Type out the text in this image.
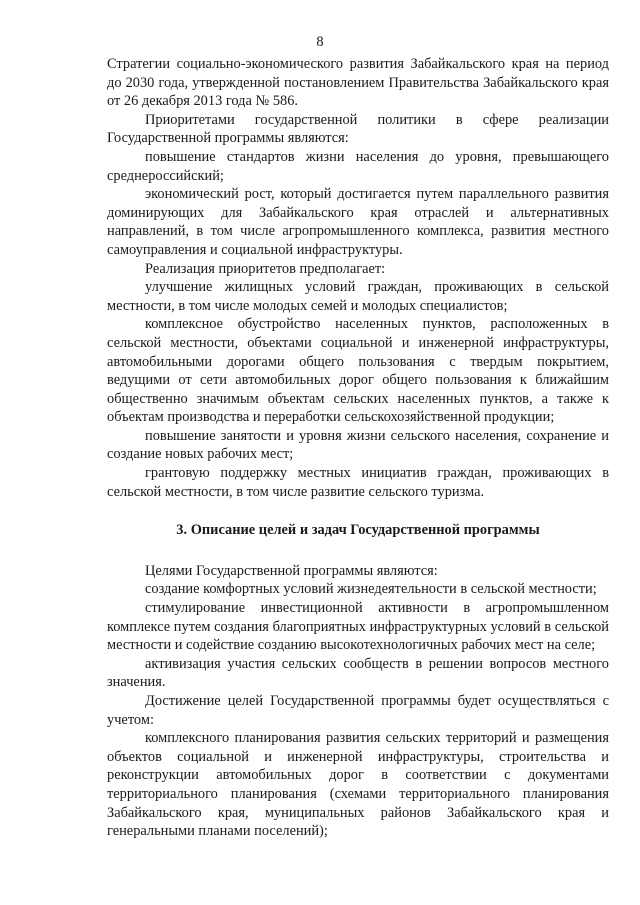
8

Стратегии социально-экономического развития Забайкальского края на период до 2030 года, утвержденной постановлением Правительства Забайкальского края от 26 декабря 2013 года № 586.

Приоритетами государственной политики в сфере реализации Государственной программы являются:

повышение стандартов жизни населения до уровня, превышающего среднероссийский;

экономический рост, который достигается путем параллельного развития доминирующих для Забайкальского края отраслей и альтернативных направлений, в том числе агропромышленного комплекса, развития местного самоуправления и социальной инфраструктуры.

Реализация приоритетов предполагает:

улучшение жилищных условий граждан, проживающих в сельской местности, в том числе молодых семей и молодых специалистов;

комплексное обустройство населенных пунктов, расположенных в сельской местности, объектами социальной и инженерной инфраструктуры, автомобильными дорогами общего пользования с твердым покрытием, ведущими от сети автомобильных дорог общего пользования к ближайшим общественно значимым объектам сельских населенных пунктов, а также к объектам производства и переработки сельскохозяйственной продукции;

повышение занятости и уровня жизни сельского населения, сохранение и создание новых рабочих мест;

грантовую поддержку местных инициатив граждан, проживающих в сельской местности, в том числе развитие сельского туризма.

3. Описание целей и задач Государственной программы

Целями Государственной программы являются:

создание комфортных условий жизнедеятельности в сельской местности;

стимулирование инвестиционной активности в агропромышленном комплексе путем создания благоприятных инфраструктурных условий в сельской местности и содействие созданию высокотехнологичных рабочих мест на селе;

активизация участия сельских сообществ в решении вопросов местного значения.

Достижение целей Государственной программы будет осуществляться с учетом:

комплексного планирования развития сельских территорий и размещения объектов социальной и инженерной инфраструктуры, строительства и реконструкции автомобильных дорог в соответствии с документами территориального планирования (схемами территориального планирования Забайкальского края, муниципальных районов Забайкальского края и генеральными планами поселений);
